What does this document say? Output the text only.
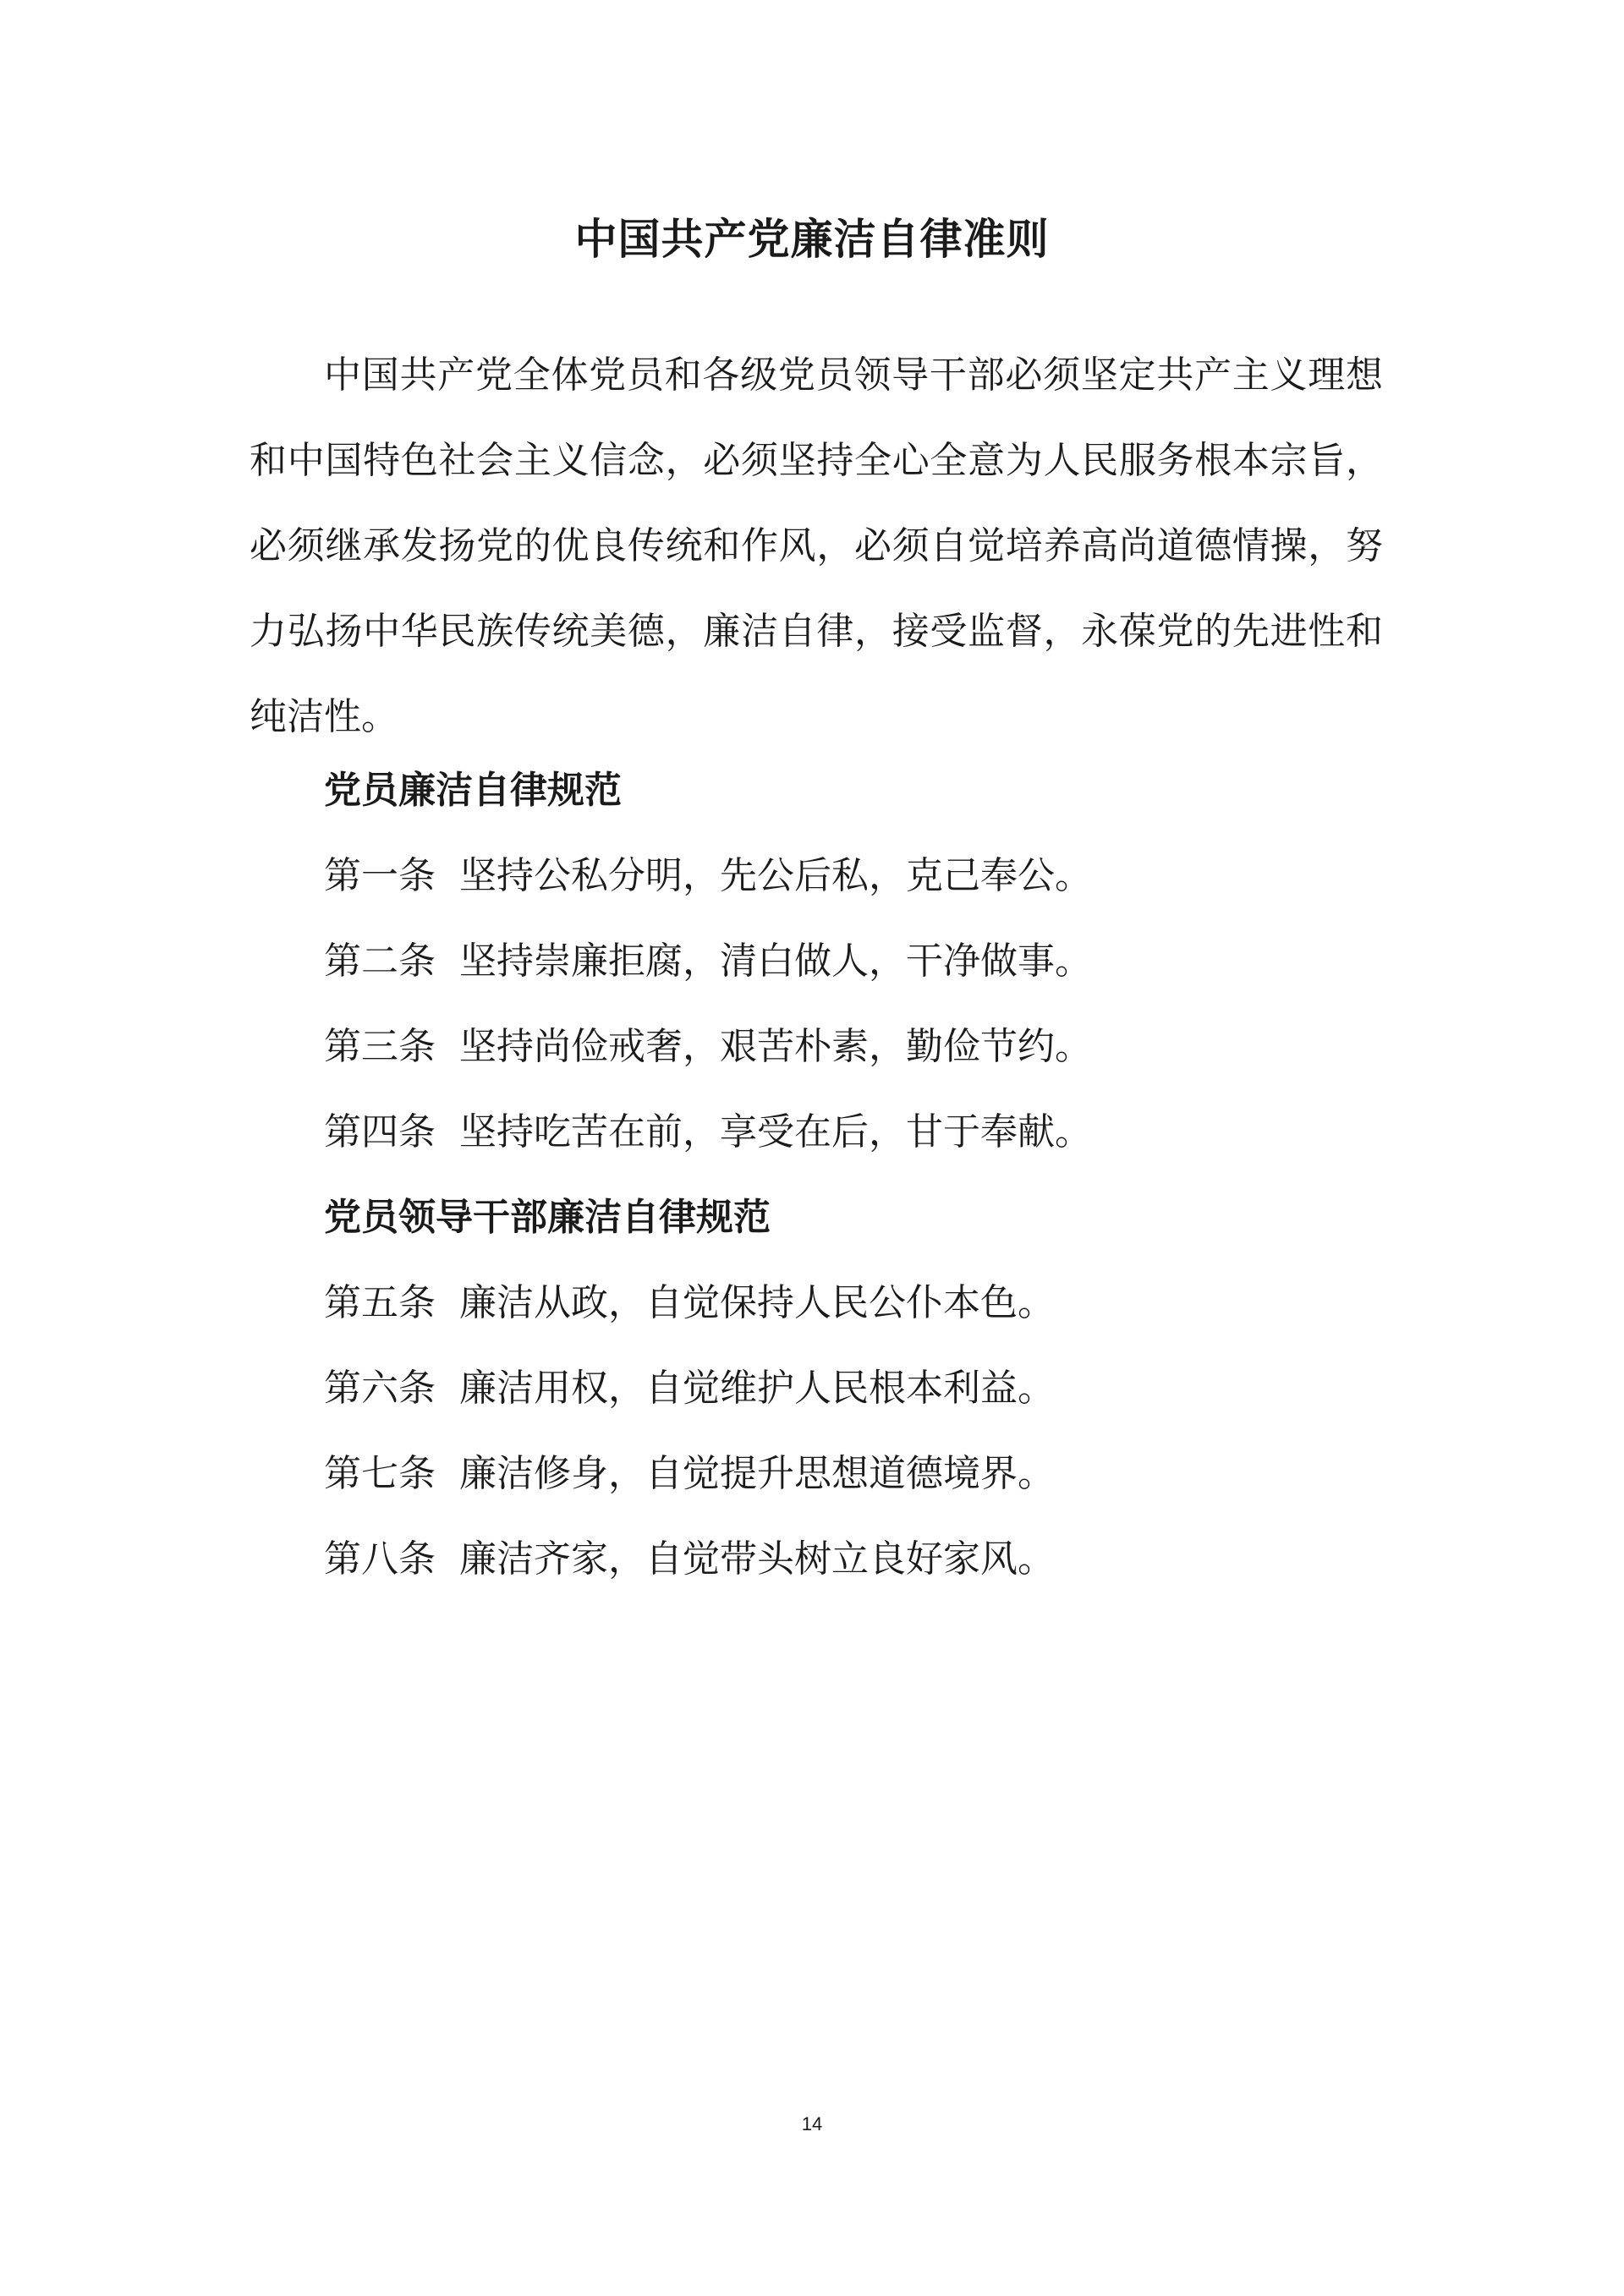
中国共产党廉洁自律准则

中国共产党全体党员和各级党员领导干部必须坚定共产主义理想和中国特色社会主义信念，必须坚持全心全意为人民服务根本宗旨，必须继承发扬党的优良传统和作风，必须自觉培养高尚道德情操，努力弘扬中华民族传统美德，廉洁自律，接受监督，永葆党的先进性和纯洁性。

党员廉洁自律规范

第一条 坚持公私分明，先公后私，克己奉公。

第二条 坚持崇廉拒腐，清白做人，干净做事。

第三条 坚持尚俭戒奢，艰苦朴素，勤俭节约。

第四条 坚持吃苦在前，享受在后，甘于奉献。

党员领导干部廉洁自律规范

第五条 廉洁从政，自觉保持人民公仆本色。

第六条 廉洁用权，自觉维护人民根本利益。

第七条 廉洁修身，自觉提升思想道德境界。

第八条 廉洁齐家，自觉带头树立良好家风。

14
